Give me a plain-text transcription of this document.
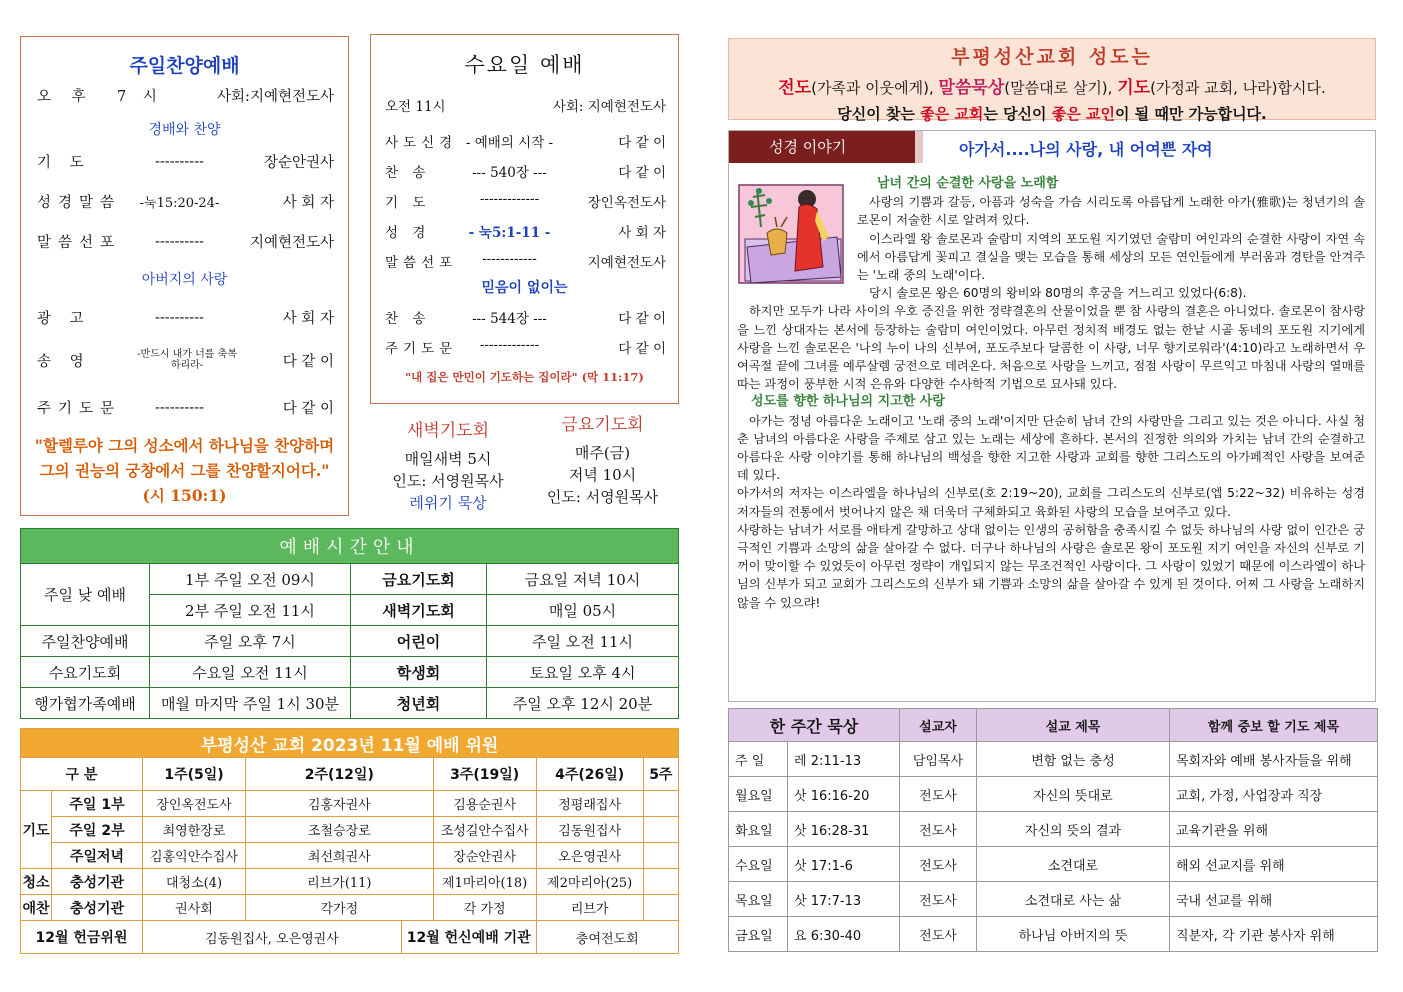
주일찬양예배
오 후	7 시	사회:지예현전도사
경배와 찬양
기 도	----------	장순안권사
성경말씀	-눅15:20-24-	사 회 자
말씀선포	----------	지예현전도사
아버지의 사랑
광 고	----------	사 회 자
송 영	-반드시 내가 너를 축복하리라-	다 같 이
주기도문	----------	다 같 이
"할렐루야 그의 성소에서 하나님을 찬양하며 그의 권능의 궁창에서 그를 찬양할지어다." (시 150:1)
수요일 예배
오전 11시	사회: 지예현전도사
사도신경 - 예배의 시작 -	다 같 이
찬 송	--- 540장 ---	다 같 이
기 도	-------------	장인옥전도사
성 경	- 눅5:1-11 -	사 회 자
말씀선포	------------	지예현전도사
믿음이 없이는
찬 송	--- 544장 ---	다 같 이
주기도문	-------------	다 같 이
"내 집은 만민이 기도하는 집이라" (막 11:17)
새벽기도회
매일새벽 5시
인도: 서영원목사
레위기 묵상
금요기도회
매주(금)
저녁 10시
인도: 서영원목사
예배시간안내			
주일 낮 예배	1부 주일 오전 09시	금요기도회	금요일 저녁 10시
	2부 주일 오전 11시	새벽기도회	매일 05시
주일찬양예배	주일 오후 7시	어린이	주일 오전 11시
수요기도회	수요일 오전 11시	학생회	토요일 오후 4시
행가협가족예배	매월 마지막 주일 1시 30분	청년회	주일 오후 12시 20분
부평성산 교회 2023년 11월 예배 위원							
구 분		1주(5일)	2주(12일)		3주(19일)	4주(26일)	5주
기도	주일 1부	장인옥전도사	김홍자권사		김용순권사	정평래집사	
	주일 2부	최영한장로	조철승장로		조성길안수집사	김동원집사	
	주일저녁	김홍익안수집사	최선희권사		장순안권사	오은영권사	
청소	충성기관	대청소(4)	리브가(11)		제1마리아(18)	제2마리아(25)	
애찬	충성기관	권사회	각가정		각 가정	리브가	
12월 헌금위원		김동원집사, 오은영권사		12월 헌신예배 기관		충여전도회	
부평성산교회 성도는
전도(가족과 이웃에게), 말씀묵상(말씀대로 살기), 기도(가정과 교회, 나라)합시다.
당신이 찾는 좋은 교회는 당신이 좋은 교인이 될 때만 가능합니다.
성경 이야기	아가서....나의 사랑, 내 어여쁜 자여
남녀 간의 순결한 사랑을 노래함

사랑의 기쁨과 갈등, 아픔과 성숙을 가슴 시리도록 아름답게 노래한 아가(雅歌)는 청년기의 솔로몬이 저술한 시로 알려져 있다.

이스라엘 왕 솔로몬과 술람미 지역의 포도원 지기였던 술람미 여인과의 순결한 사랑이 자연 속에서 아름답게 꽃피고 결실을 맺는 모습을 통해 세상의 모든 연인들에게 부러움과 경탄을 안겨주는 '노래 중의 노래'이다.

당시 솔로몬 왕은 60명의 왕비와 80명의 후궁을 거느리고 있었다(6:8).

하지만 모두가 나라 사이의 우호 증진을 위한 정략결혼의 산물이었을 뿐 참 사랑의 결혼은 아니었다. 솔로몬이 참사랑을 느낀 상대자는 본서에 등장하는 술람미 여인이었다. 아무런 정치적 배경도 없는 한낱 시골 동네의 포도원 지기에게 사랑을 느낀 솔로몬은 '나의 누이 나의 신부여, 포도주보다 달콤한 이 사랑, 너무 향기로워라'(4:10)라고 노래하면서 우여곡절 끝에 그녀를 예루살렘 궁전으로 데려온다. 처음으로 사랑을 느끼고, 점점 사랑이 무르익고 마침내 사랑의 열매를 따는 과정이 풍부한 시적 은유와 다양한 수사학적 기법으로 묘사돼 있다.

성도를 향한 하나님의 지고한 사랑

아가는 정녕 아름다운 노래이고 '노래 중의 노래'이지만 단순히 남녀 간의 사랑만을 그리고 있는 것은 아니다. 사실 청춘 남녀의 아름다운 사랑을 주제로 삼고 있는 노래는 세상에 흔하다. 본서의 진정한 의의와 가치는 남녀 간의 순결하고 아름다운 사랑 이야기를 통해 하나님의 백성을 향한 지고한 사랑과 교회를 향한 그리스도의 아가페적인 사랑을 보여준 데 있다.

아가서의 저자는 이스라엘을 하나님의 신부로(호 2:19~20), 교회를 그리스도의 신부로(엡 5:22~32) 비유하는 성경 저자들의 전통에서 벗어나지 않은 채 더욱더 구체화되고 육화된 사랑의 모습을 보여주고 있다.

사랑하는 남녀가 서로를 애타게 갈망하고 상대 없이는 인생의 공허함을 충족시킬 수 없듯 하나님의 사랑 없이 인간은 궁극적인 기쁨과 소망의 삶을 살아갈 수 없다. 더구나 하나님의 사랑은 솔로몬 왕이 포도원 지기 여인을 자신의 신부로 기꺼이 맞이할 수 있었듯이 아무런 정략이 개입되지 않는 무조건적인 사랑이다. 그 사랑이 있었기 때문에 이스라엘이 하나님의 신부가 되고 교회가 그리스도의 신부가 돼 기쁨과 소망의 삶을 살아갈 수 있게 된 것이다. 어찌 그 사랑을 노래하지 않을 수 있으랴!

한 주간 묵상		설교자	설교 제목	함께 중보 할 기도 제목
주 일	레 2:11-13	담임목사	변함 없는 충성	목회자와 예배 봉사자들을 위해
월요일	삿 16:16-20	전도사	자신의 뜻대로	교회, 가정, 사업장과 직장
화요일	삿 16:28-31	전도사	자신의 뜻의 결과	교육기관을 위해
수요일	삿 17:1-6	전도사	소견대로	해외 선교지를 위해
목요일	삿 17:7-13	전도사	소견대로 사는 삶	국내 선교를 위해
금요일	요 6:30-40	전도사	하나님 아버지의 뜻	직분자, 각 기관 봉사자 위해
